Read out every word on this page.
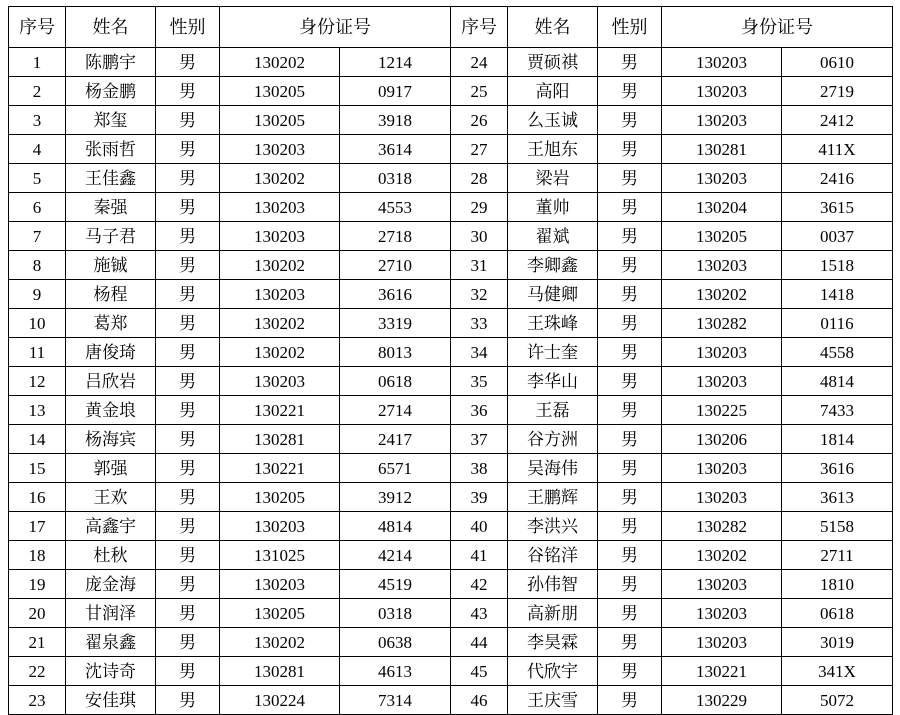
序号	姓名	性别	身份证号		序号	姓名	性别	身份证号	
1	陈鹏宇	男	130202	1214	24	贾硕祺	男	130203	0610
2	杨金鹏	男	130205	0917	25	高阳	男	130203	2719
3	郑玺	男	130205	3918	26	么玉诚	男	130203	2412
4	张雨哲	男	130203	3614	27	王旭东	男	130281	411X
5	王佳鑫	男	130202	0318	28	梁岩	男	130203	2416
6	秦强	男	130203	4553	29	董帅	男	130204	3615
7	马子君	男	130203	2718	30	翟斌	男	130205	0037
8	施铖	男	130202	2710	31	李卿鑫	男	130203	1518
9	杨程	男	130203	3616	32	马健卿	男	130202	1418
10	葛郑	男	130202	3319	33	王珠峰	男	130282	0116
11	唐俊琦	男	130202	8013	34	许士奎	男	130203	4558
12	吕欣岩	男	130203	0618	35	李华山	男	130203	4814
13	黄金埌	男	130221	2714	36	王磊	男	130225	7433
14	杨海宾	男	130281	2417	37	谷方洲	男	130206	1814
15	郭强	男	130221	6571	38	吴海伟	男	130203	3616
16	王欢	男	130205	3912	39	王鹏辉	男	130203	3613
17	高鑫宇	男	130203	4814	40	李洪兴	男	130282	5158
18	杜秋	男	131025	4214	41	谷铭洋	男	130202	2711
19	庞金海	男	130203	4519	42	孙伟智	男	130203	1810
20	甘润泽	男	130205	0318	43	高新朋	男	130203	0618
21	翟泉鑫	男	130202	0638	44	李昊霖	男	130203	3019
22	沈诗奇	男	130281	4613	45	代欣宇	男	130221	341X
23	安佳琪	男	130224	7314	46	王庆雪	男	130229	5072
